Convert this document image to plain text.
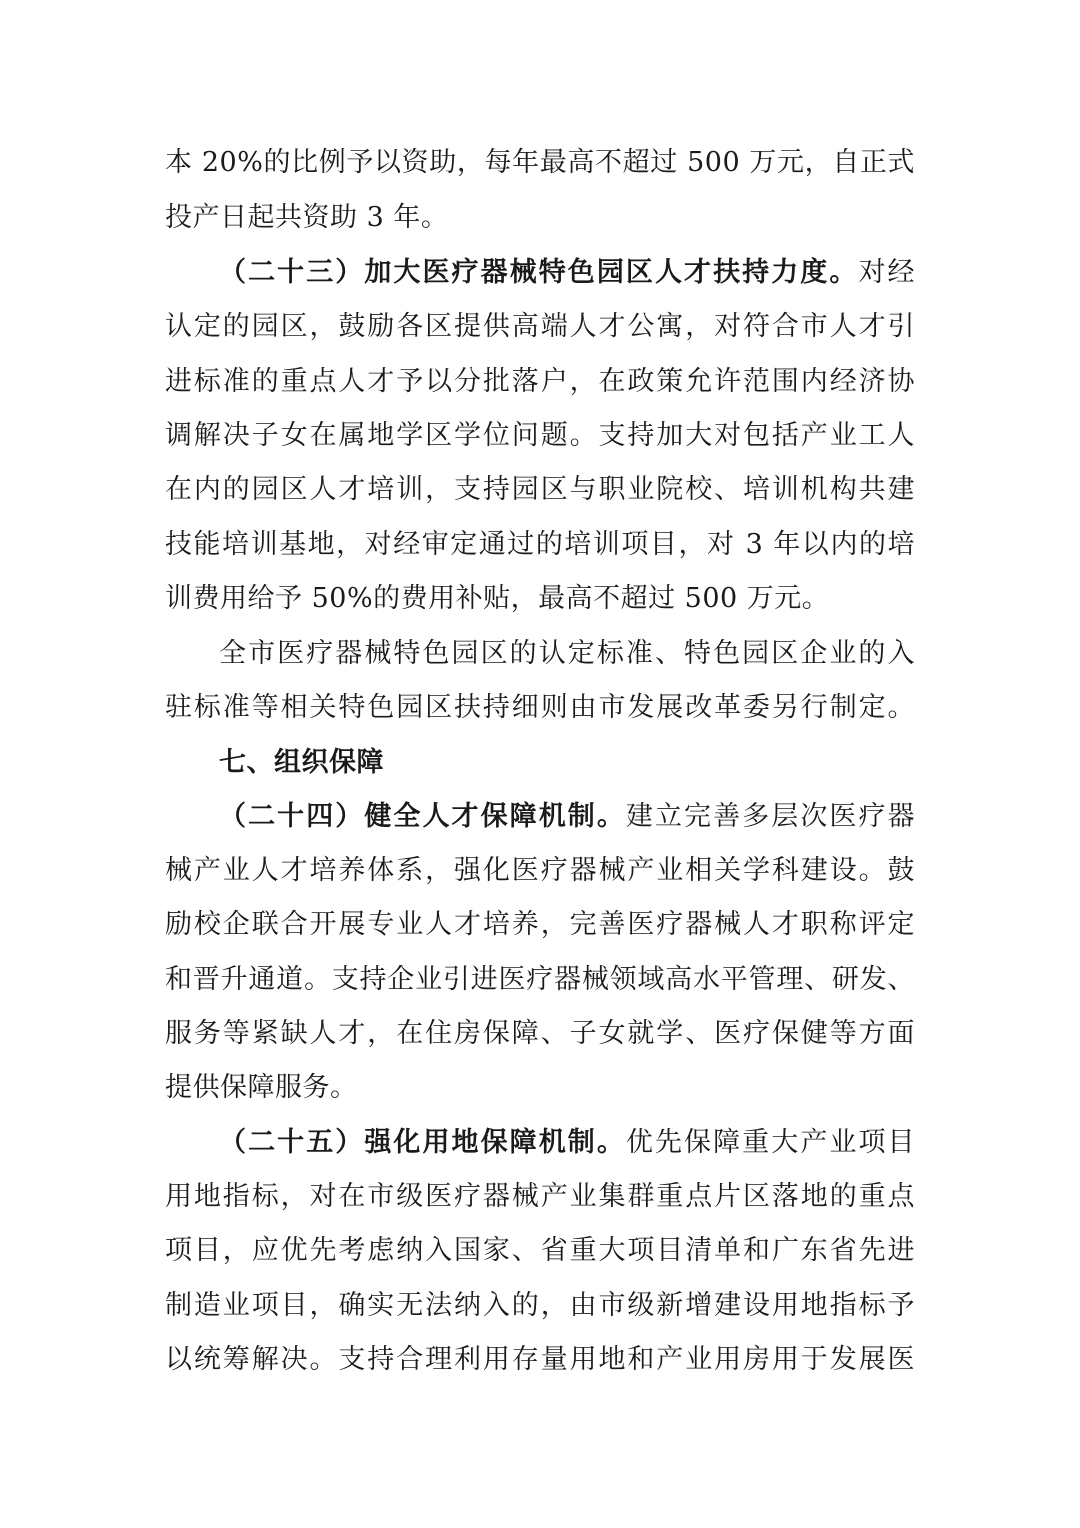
本 20%的比例予以资助，每年最高不超过 500 万元，自正式
投产日起共资助 3 年。
（二十三）加大医疗器械特色园区人才扶持力度。对经
认定的园区，鼓励各区提供高端人才公寓，对符合市人才引
进标准的重点人才予以分批落户，在政策允许范围内经济协
调解决子女在属地学区学位问题。支持加大对包括产业工人
在内的园区人才培训，支持园区与职业院校、培训机构共建
技能培训基地，对经审定通过的培训项目，对 3 年以内的培
训费用给予 50%的费用补贴，最高不超过 500 万元。
全市医疗器械特色园区的认定标准、特色园区企业的入
驻标准等相关特色园区扶持细则由市发展改革委另行制定。
七、组织保障
（二十四）健全人才保障机制。建立完善多层次医疗器
械产业人才培养体系，强化医疗器械产业相关学科建设。鼓
励校企联合开展专业人才培养，完善医疗器械人才职称评定
和晋升通道。支持企业引进医疗器械领域高水平管理、研发、
服务等紧缺人才，在住房保障、子女就学、医疗保健等方面
提供保障服务。
（二十五）强化用地保障机制。优先保障重大产业项目
用地指标，对在市级医疗器械产业集群重点片区落地的重点
项目，应优先考虑纳入国家、省重大项目清单和广东省先进
制造业项目，确实无法纳入的，由市级新增建设用地指标予
以统筹解决。支持合理利用存量用地和产业用房用于发展医
